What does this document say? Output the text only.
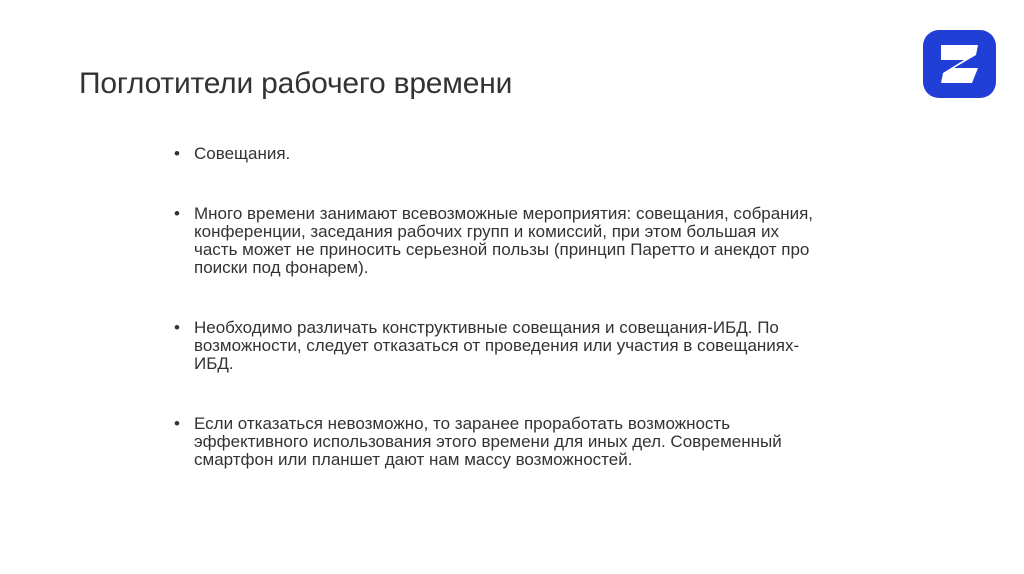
Поглотители рабочего времени
• Совещания.
• Много времени занимают всевозможные мероприятия: совещания, собрания, конференции, заседания рабочих групп и комиссий, при этом большая их часть может не приносить серьезной пользы (принцип Паретто и анекдот про поиски под фонарем).
• Необходимо различать конструктивные совещания и совещания-ИБД. По возможности, следует отказаться от проведения или участия в совещаниях-ИБД.
• Если отказаться невозможно, то заранее проработать возможность эффективного использования этого времени для иных дел. Современный смартфон или планшет дают нам массу возможностей.
